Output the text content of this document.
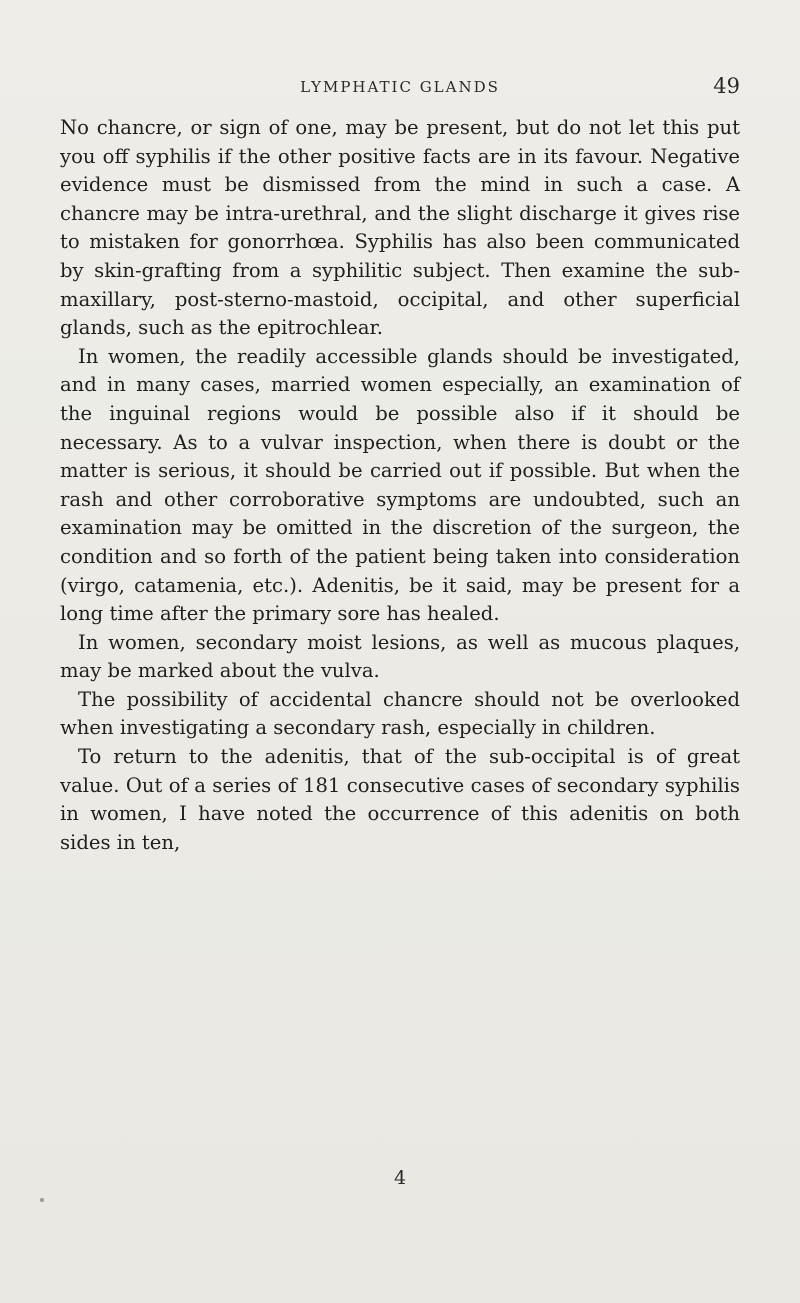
LYMPHATIC GLANDS	49

No chancre, or sign of one, may be present, but do not let this put you off syphilis if the other positive facts are in its favour. Negative evidence must be dismissed from the mind in such a case. A chancre may be intra-urethral, and the slight discharge it gives rise to mistaken for gonorrhœa. Syphilis has also been communicated by skin-grafting from a syphilitic subject. Then examine the sub-maxillary, post-sterno-mastoid, occipital, and other superficial glands, such as the epitrochlear.

In women, the readily accessible glands should be investigated, and in many cases, married women especially, an examination of the inguinal regions would be possible also if it should be necessary. As to a vulvar inspection, when there is doubt or the matter is serious, it should be carried out if possible. But when the rash and other corroborative symptoms are undoubted, such an examination may be omitted in the discretion of the surgeon, the condition and so forth of the patient being taken into consideration (virgo, catamenia, etc.). Adenitis, be it said, may be present for a long time after the primary sore has healed.

In women, secondary moist lesions, as well as mucous plaques, may be marked about the vulva.

The possibility of accidental chancre should not be overlooked when investigating a secondary rash, especially in children.

To return to the adenitis, that of the sub-occipital is of great value. Out of a series of 181 consecutive cases of secondary syphilis in women, I have noted the occurrence of this adenitis on both sides in ten,

4
